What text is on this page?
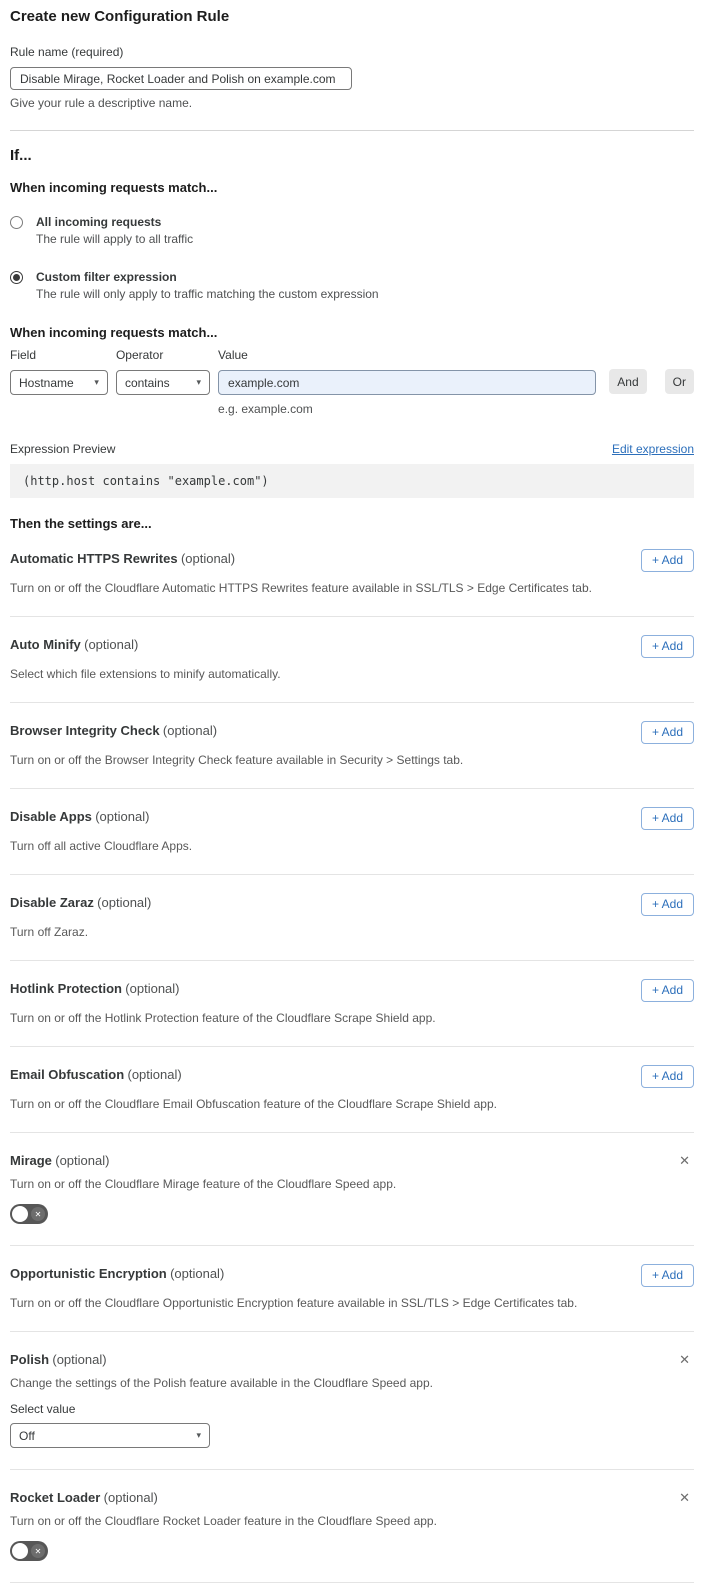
Create new Configuration Rule
Rule name (required)
Disable Mirage, Rocket Loader and Polish on example.com
Give your rule a descriptive name.
If...
When incoming requests match...
All incoming requests
The rule will apply to all traffic
Custom filter expression
The rule will only apply to traffic matching the custom expression
When incoming requests match...
Field
Hostname ▾
Operator
contains	▾
Value
example.com
e.g. example.com
And	Or
Expression Preview	Edit expression
(http.host contains "example.com")
Then the settings are...
Automatic HTTPS Rewrites (optional)	+ Add
Turn on or off the Cloudflare Automatic HTTPS Rewrites feature available in SSL/TLS > Edge Certificates tab.
Auto Minify (optional)	+ Add
Select which file extensions to minify automatically.
Browser Integrity Check (optional)	+ Add
Turn on or off the Browser Integrity Check feature available in Security > Settings tab.
Disable Apps (optional)	+ Add
Turn off all active Cloudflare Apps.
Disable Zaraz (optional)	+ Add
Turn off Zaraz.
Hotlink Protection (optional)	+ Add
Turn on or off the Hotlink Protection feature of the Cloudflare Scrape Shield app.
Email Obfuscation (optional)	+ Add
Turn on or off the Cloudflare Email Obfuscation feature of the Cloudflare Scrape Shield app.
Mirage (optional)	✕
Turn on or off the Cloudflare Mirage feature of the Cloudflare Speed app.
✕
Opportunistic Encryption (optional)	+ Add
Turn on or off the Cloudflare Opportunistic Encryption feature available in SSL/TLS > Edge Certificates tab.
Polish (optional)	✕
Change the settings of the Polish feature available in the Cloudflare Speed app.
Select value
Off	▾
Rocket Loader (optional)	✕
Turn on or off the Cloudflare Rocket Loader feature in the Cloudflare Speed app.
✕
